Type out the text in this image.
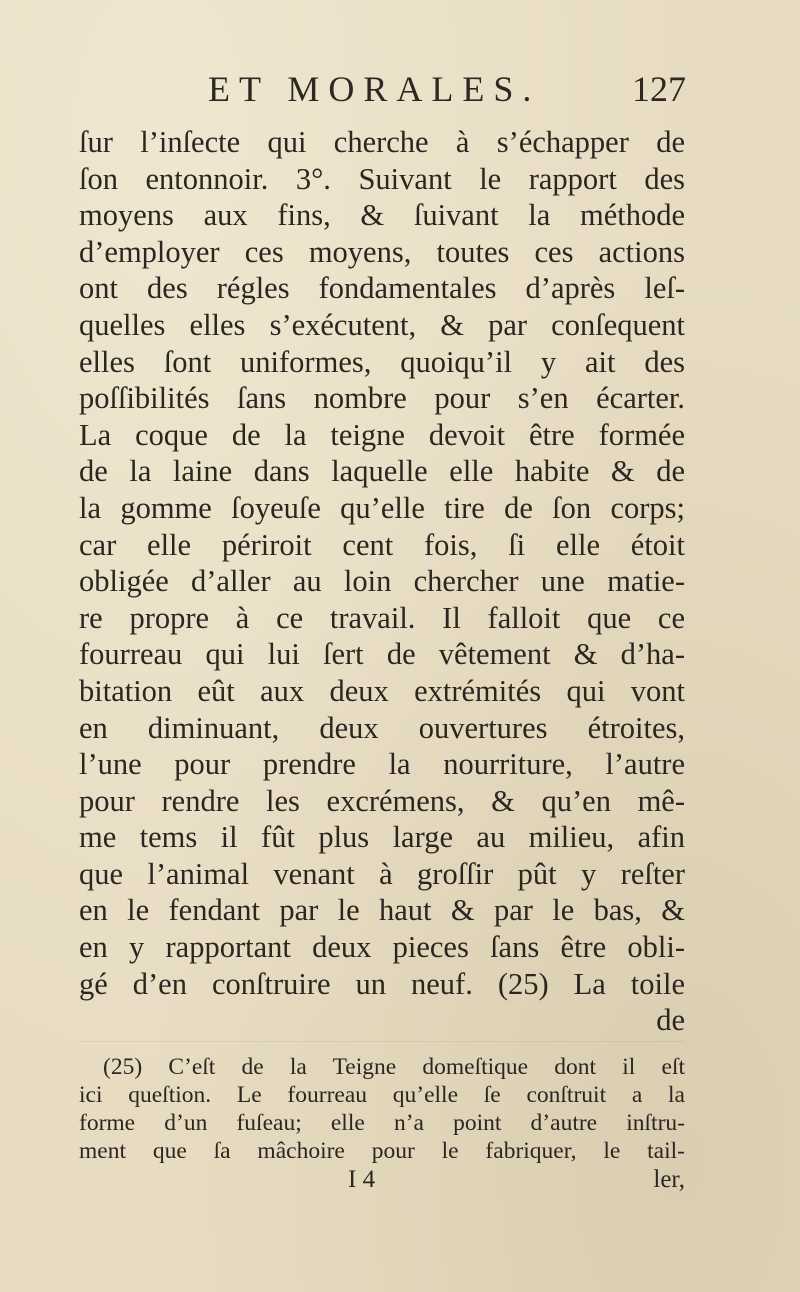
ET MORALES.	127
ſur l’inſecte qui cherche à s’échapper de
ſon entonnoir. 3°. Suivant le rapport des
moyens aux fins, & ſuivant la méthode
d’employer ces moyens, toutes ces actions
ont des régles fondamentales d’après leſ-
quelles elles s’exécutent, & par conſequent
elles ſont uniformes, quoiqu’il y ait des
poſſibilités ſans nombre pour s’en écarter.
La coque de la teigne devoit être formée
de la laine dans laquelle elle habite & de
la gomme ſoyeuſe qu’elle tire de ſon corps;
car elle périroit cent fois, ſi elle étoit
obligée d’aller au loin chercher une matie-
re propre à ce travail. Il falloit que ce
fourreau qui lui ſert de vêtement & d’ha-
bitation eût aux deux extrémités qui vont
en diminuant, deux ouvertures étroites,
l’une pour prendre la nourriture, l’autre
pour rendre les excrémens, & qu’en mê-
me tems il fût plus large au milieu, afin
que l’animal venant à groſſir pût y reſter
en le fendant par le haut & par le bas, &
en y rapportant deux pieces ſans être obli-
gé d’en conſtruire un neuf. (25) La toile
de
(25) C’eſt de la Teigne domeſtique dont il eſt
ici queſtion. Le fourreau qu’elle ſe conſtruit a la
forme d’un fuſeau; elle n’a point d’autre inſtru-
ment que ſa mâchoire pour le fabriquer, le tail-
I 4	ler,
